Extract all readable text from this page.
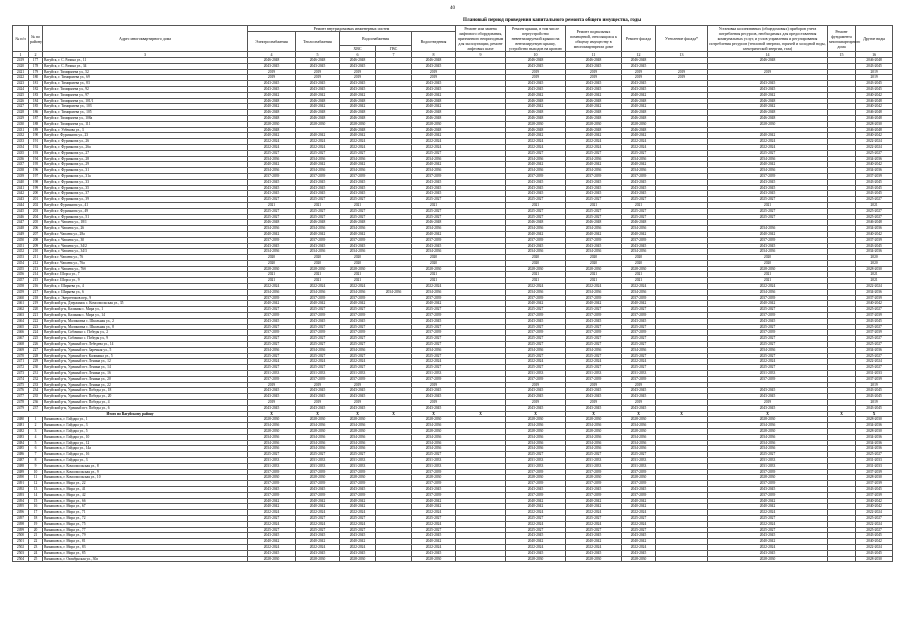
40
Плановый период проведения капитального ремонта общего имущества, годы															
№ п/п	№ по району	Адрес многоквартирного дома	Ремонт внутридомовых инженерных систем					Ремонт или замена лифтового оборудования, признанного непригодным для эксплуатации, ремонт лифтовых шахт	Ремонт крыши, в том числе переустройство невентилируемой крыши на вентилируемую крышу, устройство выходов на кровлю	Ремонт подвальных помещений, относящихся к общему имуществу в многоквартирном доме	Ремонт фасада	Утепление фасада*	Установка коллективных (общедомовых) приборов учета потребления ресурсов, необходимых для предоставления коммунальных услуг, и узлов управления и регулирования потребления ресурсов (тепловой энергии, горячей и холодной воды, электрической энергии, газа)	Ремонт фундамента многоквартирного дома	Другие виды
			Электроснабжения	Теплоснабжения	Водоснабжения		Водоотведения								
					ХВС	ГВС									
1	2	3	4	5	6	7	8	9	10	11	12	13	14	15	16
2419	177	Вагуйск, г. С. Разина ул., 11	2046-2048	2046-2048	2046-2048		2046-2048		2046-2048	2046-2048	2046-2048		2046-2048		2046-2048
2420	178	Вагуйск, г. С. Разина ул., 34	2043-2045	2043-2045	2043-2045		2043-2045		2043-2045	2043-2045	2043-2045				2043-2045
2421	179	Вагуйск г. Тимирязева ул., 52	2019	2019	2019		2019		2019	2019	2019	2019	2019		2019
2422	180	Вагуйск, г. Тимирязева ул., 69	2019	2019	2019		2019		2019	2019	2019	2019			2019
2423	181	Вагуйск, г. Тимирязева ул., 83	2043-2045	2043-2045	2043-2045		2043-2045		2043-2045	2043-2045	2043-2045		2043-2045		2043-2045
2424	182	Вагуйск г. Тимирязева ул., 92	2043-2045	2043-2045	2043-2045		2043-2045		2043-2045	2043-2045	2043-2045		2043-2045		2043-2045
2425	183	Вагуйск г. Тимирязева ул., 97	2040-2042	2040-2042	2040-2042		2040-2042		2040-2042	2040-2042	2040-2042		2040-2042		2040-2042
2426	184	Вагуйск г. Тимирязева ул., 101/1	2046-2048	2046-2048	2046-2048		2046-2048		2046-2048	2046-2048	2046-2048		2046-2048		2046-2048
2427	185	Вагуйск, г. Тимирязева ул., 103	2040-2042	2040-2042	2040-2042		2040-2042		2040-2042	2040-2042	2040-2042		2040-2042		2040-2042
2428	186	Вагуйск, г. Тимирязева ул., 105	2046-2048	2046-2048	2046-2048		2046-2048		2046-2048	2046-2048	2046-2048		2046-2048		2046-2048
2429	187	Вагуйск г. Тимирязева ул., 108а	2046-2048	2046-2048	2046-2048		2046-2048		2046-2048	2046-2048	2046-2048		2046-2048		2046-2048
2430	188	Вагуйск г. Тимирязева ул., 111	2028-2030	2028-2030	2028-2030		2028-2030		2028-2030	2028-2030	2028-2030		2028-2030		2028-2030
2431	189	Вагуйск, г. Узбекова ул., 3	2046-2048		2046-2048		2046-2048		2046-2048	2046-2048	2046-2048				2046-2048
2432	190	Вагуйск г. Фурманова ул., 23	2040-2042	2040-2042	2040-2042		2040-2042		2040-2042	2040-2042	2040-2042		2040-2042		2040-2042
2433	191	Вагуйск, г. Фурманова ул., 26	2022-2024	2022-2024	2022-2024		2022-2024		2022-2024	2022-2024	2022-2024		2022-2024		2022-2024
2434	192	Вагуйск, г. Фурманова ул., 26а	2022-2024	2022-2024	2022-2024		2022-2024		2022-2024	2022-2024	2022-2024		2022-2024		2022-2024
2435	193	Вагуйск, г. Фурманова ул., 27	2025-2027	2025-2027	2025-2027		2025-2027		2025-2027	2025-2027	2025-2027		2025-2027		2025-2027
2436	194	Вагуйск, г. Фурманова ул., 28	2034-2036	2034-2036	2034-2036		2034-2036		2034-2036	2034-2036	2034-2036		2034-2036		2034-2036
2437	195	Вагуйск, г. Фурманова ул., 29	2040-2042	2040-2042	2040-2042		2040-2042		2040-2042	2040-2042	2040-2042		2040-2042		2040-2042
2438	196	Вагуйск, г. Фурманова ул., 31	2034-2036	2034-2036	2034-2036		2034-2036		2034-2036	2034-2036	2034-2036		2034-2036		2034-2036
2439	197	Вагуйск, г. Фурманова ул., 31а	2037-2039	2037-2039	2037-2039		2037-2039		2037-2039	2037-2039	2037-2039		2037-2039		2037-2039
2440	198	Вагуйск, г. Фурманова ул., 33	2043-2045	2043-2045	2043-2045		2043-2045		2043-2045	2043-2045	2043-2045		2043-2045		2043-2045
2441	199	Вагуйск, г. Фурманова ул., 35	2043-2045	2043-2045	2043-2045		2043-2045		2043-2045	2043-2045	2043-2045		2043-2045		2043-2045
2442	200	Вагуйск, г. Фурманова ул., 37	2043-2045	2043-2045	2043-2045		2043-2045		2043-2045	2043-2045	2043-2045		2043-2045		2043-2045
2443	201	Вагуйск, г. Фурманова ул., 39	2025-2027	2025-2027	2025-2027		2025-2027		2025-2027	2025-2027	2025-2027		2025-2027		2025-2027
2444	202	Вагуйск г. Фурманова ул., 41	2021	2021	2021		2021		2021	2021	2021		2021		2021
2445	203	Вагуйск г. Фурманова ул., 49	2025-2027	2025-2027	2025-2027		2025-2027		2025-2027	2025-2027	2025-2027		2025-2027		2025-2027
2446	204	Вагуйск, г. Фурманова ул., 51	2025-2027	2025-2027	2025-2027		2025-2027		2025-2027	2025-2027	2025-2027		2025-2027		2025-2027
2447	205	Вагуйск, г. Чапаева ул., 18/1	2046-2048	2046-2048	2046-2048		2046-2048		2046-2048	2046-2048	2046-2048				2046-2048
2448	206	Вагуйск, г. Чапаева ул., 26	2034-2036	2034-2036	2034-2036		2034-2036		2034-2036	2034-2036	2034-2036		2034-2036		2034-2036
2449	207	Вагуйск г. Чапаева ул., 28а	2040-2042	2040-2042	2040-2042		2040-2042		2040-2042	2040-2042	2040-2042		2040-2042		2040-2042
2450	208	Вагуйск, г. Чапаева ул., 30	2037-2039	2037-2039	2037-2039		2037-2039		2037-2039	2037-2039	2037-2039		2037-2039		2037-2039
2451	209	Вагуйск, г. Чапаева ул., 34/2	2043-2045	2043-2045	2043-2045		2043-2045		2043-2045	2043-2045	2043-2045		2043-2045		2043-2045
2452	210	Вагуйск, г. Чапаева ул., 34/3	2034-2036	2034-2036	2034-2036		2034-2036		2034-2036	2034-2036	2034-2036		2034-2036		2034-2036
2453	211	Вагуйск г. Чапаева ул., 76	2020	2020	2020		2020		2020	2020	2020		2020		2020
2454	212	Вагуйск г. Чапаева ул., 76а	2020	2020	2020		2020		2020	2020	2020		2020		2020
2455	213	Вагуйск, г. Чапаева ул., 76б	2028-2030	2028-2030	2028-2030		2028-2030		2028-2030	2028-2030	2028-2030		2028-2030		2028-2030
2456	214	Вагуйск г. Шорса ул., 7	2021	2021	2021		2021		2021	2021	2021		2021		2021
2457	215	Вагуйск г. Шорса ул., 9	2021	2021	2021		2021		2021	2021	2021		2021		2021
2458	216	Вагуйск, г. Ширяева ул., 4	2022-2024	2022-2024	2022-2024		2022-2024		2022-2024	2022-2024	2022-2024		2022-2024		2022-2024
2459	217	Вагуйск, г. Ширяева ул., 6	2034-2036	2034-2036	2034-2036	2034-2036	2034-2036		2034-2036	2034-2036	2034-2036		2034-2036		2034-2036
2460	218	Вагуйск, г. Энергетиков пер., 9	2037-2039	2037-2039	2037-2039		2037-2039		2037-2039	2037-2039	2037-2039		2037-2039		2037-2039
2461	219	Вагуйский р-н, Дзержинск с. Комсомольская ул., 35	2040-2042	2040-2042	2040-2042		2040-2042		2040-2042	2040-2042	2040-2042		2040-2042		2040-2042
2462	220	Вагуйский р-н, Калинин с. Мира ул., 1	2025-2027	2025-2027	2025-2027		2025-2027		2025-2027	2025-2027	2025-2027		2025-2027		2025-2027
2463	221	Вагуйский р-н, Калинин с. Мира ул., 14	2037-2039	2037-2039	2037-2039		2037-2039		2037-2039	2037-2039	2037-2039		2037-2039		2037-2039
2464	222	Вагуйский р-н, Малиновка с. Школьная ул., 2	2043-2045	2043-2045	2043-2045		2043-2045		2043-2045	2043-2045	2043-2045		2043-2045		2043-2045
2465	223	Вагуйский р-н, Малиновка с. Школьная ул., 8	2025-2027	2025-2027	2025-2027		2025-2027		2025-2027	2025-2027	2025-2027		2025-2027		2025-2027
2466	224	Вагуйский р-н, Собачино с. Победы ул., 2	2037-2039	2037-2039	2037-2039		2037-2039		2037-2039	2037-2039	2037-2039		2037-2039		2037-2039
2467	225	Вагуйский р-н, Собачино с. Победы ул., 9	2025-2027	2025-2027	2025-2027		2025-2027		2025-2027	2025-2027	2025-2027		2025-2027		2025-2027
2468	226	Вагуйский р-н, Удачный пгт. Лебедева ул., 14	2025-2027	2025-2027	2025-2027		2025-2027		2025-2027	2025-2027	2025-2027		2025-2027		2025-2027
2469	227	Вагуйский р-н, Удачный пгт. Заречная ул., 5	2034-2036	2034-2036	2034-2036		2034-2036		2034-2036	2034-2036	2034-2036		2034-2036		2034-2036
2470	228	Вагуйский р-н, Удачный пгт. Калинина ул., 5	2025-2027	2025-2027	2025-2027		2025-2027		2025-2027	2025-2027	2025-2027		2025-2027		2025-2027
2471	229	Вагуйский р-н, Удачный пгт. Ленина ул., 12	2022-2024	2022-2024	2022-2024		2022-2024		2022-2024	2022-2024	2022-2024		2022-2024		2022-2024
2472	230	Вагуйский р-н, Удачный пгт. Ленина ул., 14	2025-2027	2025-2027	2025-2027		2025-2027		2025-2027	2025-2027	2025-2027		2025-2027		2025-2027
2473	231	Вагуйский р-н, Удачный пгт. Ленина ул., 16	2031-2033	2031-2033	2031-2033		2031-2033		2031-2033	2031-2033	2031-2033		2031-2033		2031-2033
2474	232	Вагуйский р-н, Удачный пгт. Ленина ул., 20	2037-2039	2037-2039	2037-2039		2037-2039		2037-2039	2037-2039	2037-2039		2037-2039		2037-2039
2475	233	Вагуйский р-н, Удачный пгт. Ленина ул., 22	2019	2019	2019		2019		2019	2019	2019				2019
2476	234	Вагуйский р-н, Удачный пгт. Победы ул., 18	2043-2045	2043-2045	2043-2045		2043-2045		2043-2045	2043-2045	2043-2045		2043-2045		2043-2045
2477	235	Вагуйский р-н, Удачный пгт. Победы ул., 20	2043-2045	2043-2045	2043-2045		2043-2045		2043-2045	2043-2045	2043-2045		2043-2045		2043-2045
2478	236	Вагуйский р-н, Удачный пгт. Победы ул., 4	2019	2019	2019		2019		2019	2019	2019		2019		2019
2479	237	Вагуйский р-н, Удачный пгт. Победы ул., 6	2043-2045	2043-2045	2043-2045		2043-2045		2043-2045	2043-2045	2043-2045		2043-2045		2043-2045
Итого по Вагуйскому району			X	X	X	X	X	X	X	X	X	X	X	X	X
2480	1	Вязниковск, г. Гайдара ул., 1	2028-2030	2028-2030	2028-2030		2028-2030		2028-2030	2028-2030	2028-2030		2028-2030		2028-2030
2481	2	Вязниковск, г. Гайдара ул., 3	2034-2036	2034-2036	2034-2036		2034-2036		2034-2036	2034-2036	2034-2036		2034-2036		2034-2036
2482	3	Вязниковск, г. Гайдара ул., 5	2028-2030	2028-2030	2028-2030		2028-2030		2028-2030	2028-2030	2028-2030		2028-2030		2028-2030
2483	4	Вязниковск, г. Гайдара ул., 10	2034-2036	2034-2036	2034-2036		2034-2036		2034-2036	2034-2036	2034-2036		2034-2036		2034-2036
2484	5	Вязниковск, г. Гайдара ул., 12	2034-2036	2034-2036	2034-2036		2034-2036		2034-2036	2034-2036	2034-2036		2034-2036		2034-2036
2485	6	Вязниковск, г. Гайдара ул., 14а	2034-2036	2034-2036	2034-2036		2034-2036		2034-2036	2034-2036	2034-2036		2034-2036		2034-2036
2486	7	Вязниковск, г. Гайдара ул., 16	2025-2027	2025-2027	2025-2027		2025-2027		2025-2027	2025-2027	2025-2027		2025-2027		2025-2027
2487	8	Вязниковск, г. Гайдара ул., 3	2031-2033	2031-2033	2031-2033		2031-2033		2031-2033	2031-2033	2031-2033		2031-2033		2031-2033
2488	9	Вязниковск, г. Комсомольская ул., 8	2031-2033	2031-2033	2031-2033		2031-2033		2031-2033	2031-2033	2031-2033		2031-2033		2031-2033
2489	10	Вязниковск, г. Комсомольская ул., 9	2037-2039	2037-2039	2037-2039		2037-2039		2037-2039	2037-2039	2037-2039		2037-2039		2037-2039
2490	11	Вязниковск, г. Комсомольская ул., 10	2028-2030	2028-2030	2028-2030		2028-2030		2028-2030	2028-2030	2028-2030		2028-2030		2028-2030
2491	12	Вязниковск, г. Мира ул., 22	2037-2039	2037-2039	2037-2039		2037-2039		2037-2039	2037-2039	2037-2039		2037-2039		2037-2039
2492	13	Вязниковск, г. Мира ул., 41	2043-2045	2043-2045	2043-2045		2043-2045		2043-2045	2043-2045	2043-2045		2043-2045		2043-2045
2493	14	Вязниковск, г. Мира ул., 42	2037-2039	2037-2039	2037-2039		2037-2039		2037-2039	2037-2039	2037-2039		2037-2039		2037-2039
2494	15	Вязниковск, г. Мира ул., 66	2040-2042	2040-2042	2040-2042		2040-2042		2040-2042	2040-2042	2040-2042		2040-2042		2040-2042
2495	16	Вязниковск, г. Мира ул., 67	2040-2042	2040-2042	2040-2042		2040-2042		2040-2042	2040-2042	2040-2042		2040-2042		2040-2042
2496	17	Вязниковск, г. Мира ул., 71	2022-2024	2022-2024	2022-2024		2022-2024		2022-2024	2022-2024	2022-2024		2022-2024		2022-2024
2497	18	Вязниковск, г. Мира ул., 72	2025-2027	2025-2027	2025-2027		2025-2027		2025-2027	2025-2027	2025-2027		2025-2027		2025-2027
2498	19	Вязниковск, г. Мира ул., 75	2022-2024	2022-2024	2022-2024		2022-2024		2022-2024	2022-2024	2022-2024		2022-2024		2022-2024
2499	20	Вязниковск, г. Мира ул., 77	2025-2027	2025-2027	2025-2027		2025-2027		2025-2027	2025-2027	2025-2027		2025-2027		2025-2027
2500	21	Вязниковск, г. Мира ул., 79	2043-2045	2043-2045	2043-2045		2043-2045		2043-2045	2043-2045	2043-2045		2043-2045		2043-2045
2501	22	Вязниковск, г. Мира ул., 81	2040-2042	2040-2042	2040-2042		2040-2042		2040-2042	2040-2042	2040-2042		2040-2042		2040-2042
2502	23	Вязниковск, г. Мира ул., 83	2022-2024	2022-2024	2022-2024		2022-2024		2022-2024	2022-2024	2022-2024		2022-2024		2022-2024
2503	24	Вязниковск, г. Мира ул., 85	2043-2045	2043-2045	2043-2045		2043-2045		2043-2045	2043-2045	2043-2045		2043-2045		2043-2045
2504	25	Вязниковск, г. Октябрьская ул., 30а	2028-2030	2028-2030	2028-2030		2028-2030		2028-2030	2028-2030	2028-2030		2028-2030		2028-2030
